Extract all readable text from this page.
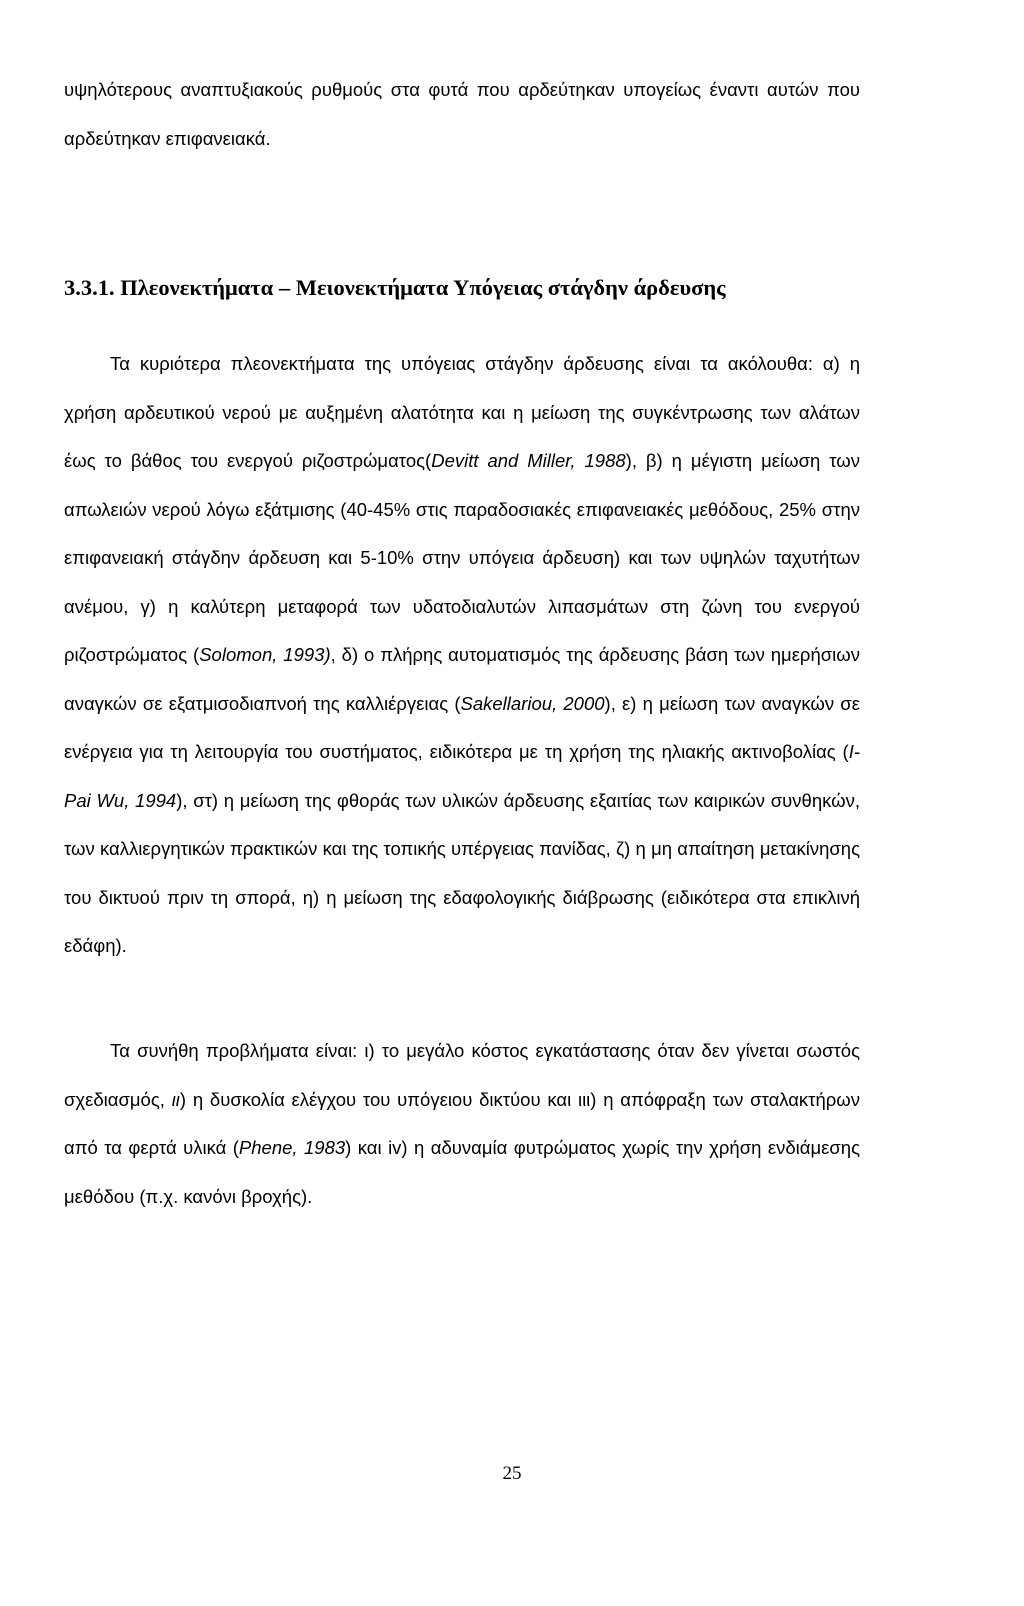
υψηλότερους αναπτυξιακούς ρυθμούς στα φυτά που αρδεύτηκαν υπογείως έναντι αυτών που αρδεύτηκαν επιφανειακά.

3.3.1. Πλεονεκτήματα – Μειονεκτήματα Υπόγειας στάγδην άρδευσης

Τα κυριότερα πλεονεκτήματα της υπόγειας στάγδην άρδευσης είναι τα ακόλουθα: α) η χρήση αρδευτικού νερού με αυξημένη αλατότητα και η μείωση της συγκέντρωσης των αλάτων έως το βάθος του ενεργού ριζοστρώματος(Devitt and Miller, 1988), β) η μέγιστη μείωση των απωλειών νερού λόγω εξάτμισης (40-45% στις παραδοσιακές επιφανειακές μεθόδους, 25% στην επιφανειακή στάγδην άρδευση και 5-10% στην υπόγεια άρδευση) και των υψηλών ταχυτήτων ανέμου, γ) η καλύτερη μεταφορά των υδατοδιαλυτών λιπασμάτων στη ζώνη του ενεργού ριζοστρώματος (Solomon, 1993), δ) ο πλήρης αυτοματισμός της άρδευσης βάση των ημερήσιων αναγκών σε εξατμισοδιαπνοή της καλλιέργειας (Sakellariou, 2000), ε) η μείωση των αναγκών σε ενέργεια για τη λειτουργία του συστήματος, ειδικότερα με τη χρήση της ηλιακής ακτινοβολίας (I-Pai Wu, 1994), στ) η μείωση της φθοράς των υλικών άρδευσης εξαιτίας των καιρικών συνθηκών, των καλλιεργητικών πρακτικών και της τοπικής υπέργειας πανίδας, ζ) η μη απαίτηση μετακίνησης του δικτυού πριν τη σπορά, η) η μείωση της εδαφολογικής διάβρωσης (ειδικότερα στα επικλινή εδάφη).

Τα συνήθη προβλήματα είναι: ι) το μεγάλο κόστος εγκατάστασης όταν δεν γίνεται σωστός σχεδιασμός, ιι) η δυσκολία ελέγχου του υπόγειου δικτύου και ιιι) η απόφραξη των σταλακτήρων από τα φερτά υλικά (Phene, 1983) και iv) η αδυναμία φυτρώματος χωρίς την χρήση ενδιάμεσης μεθόδου (π.χ. κανόνι βροχής).

25
